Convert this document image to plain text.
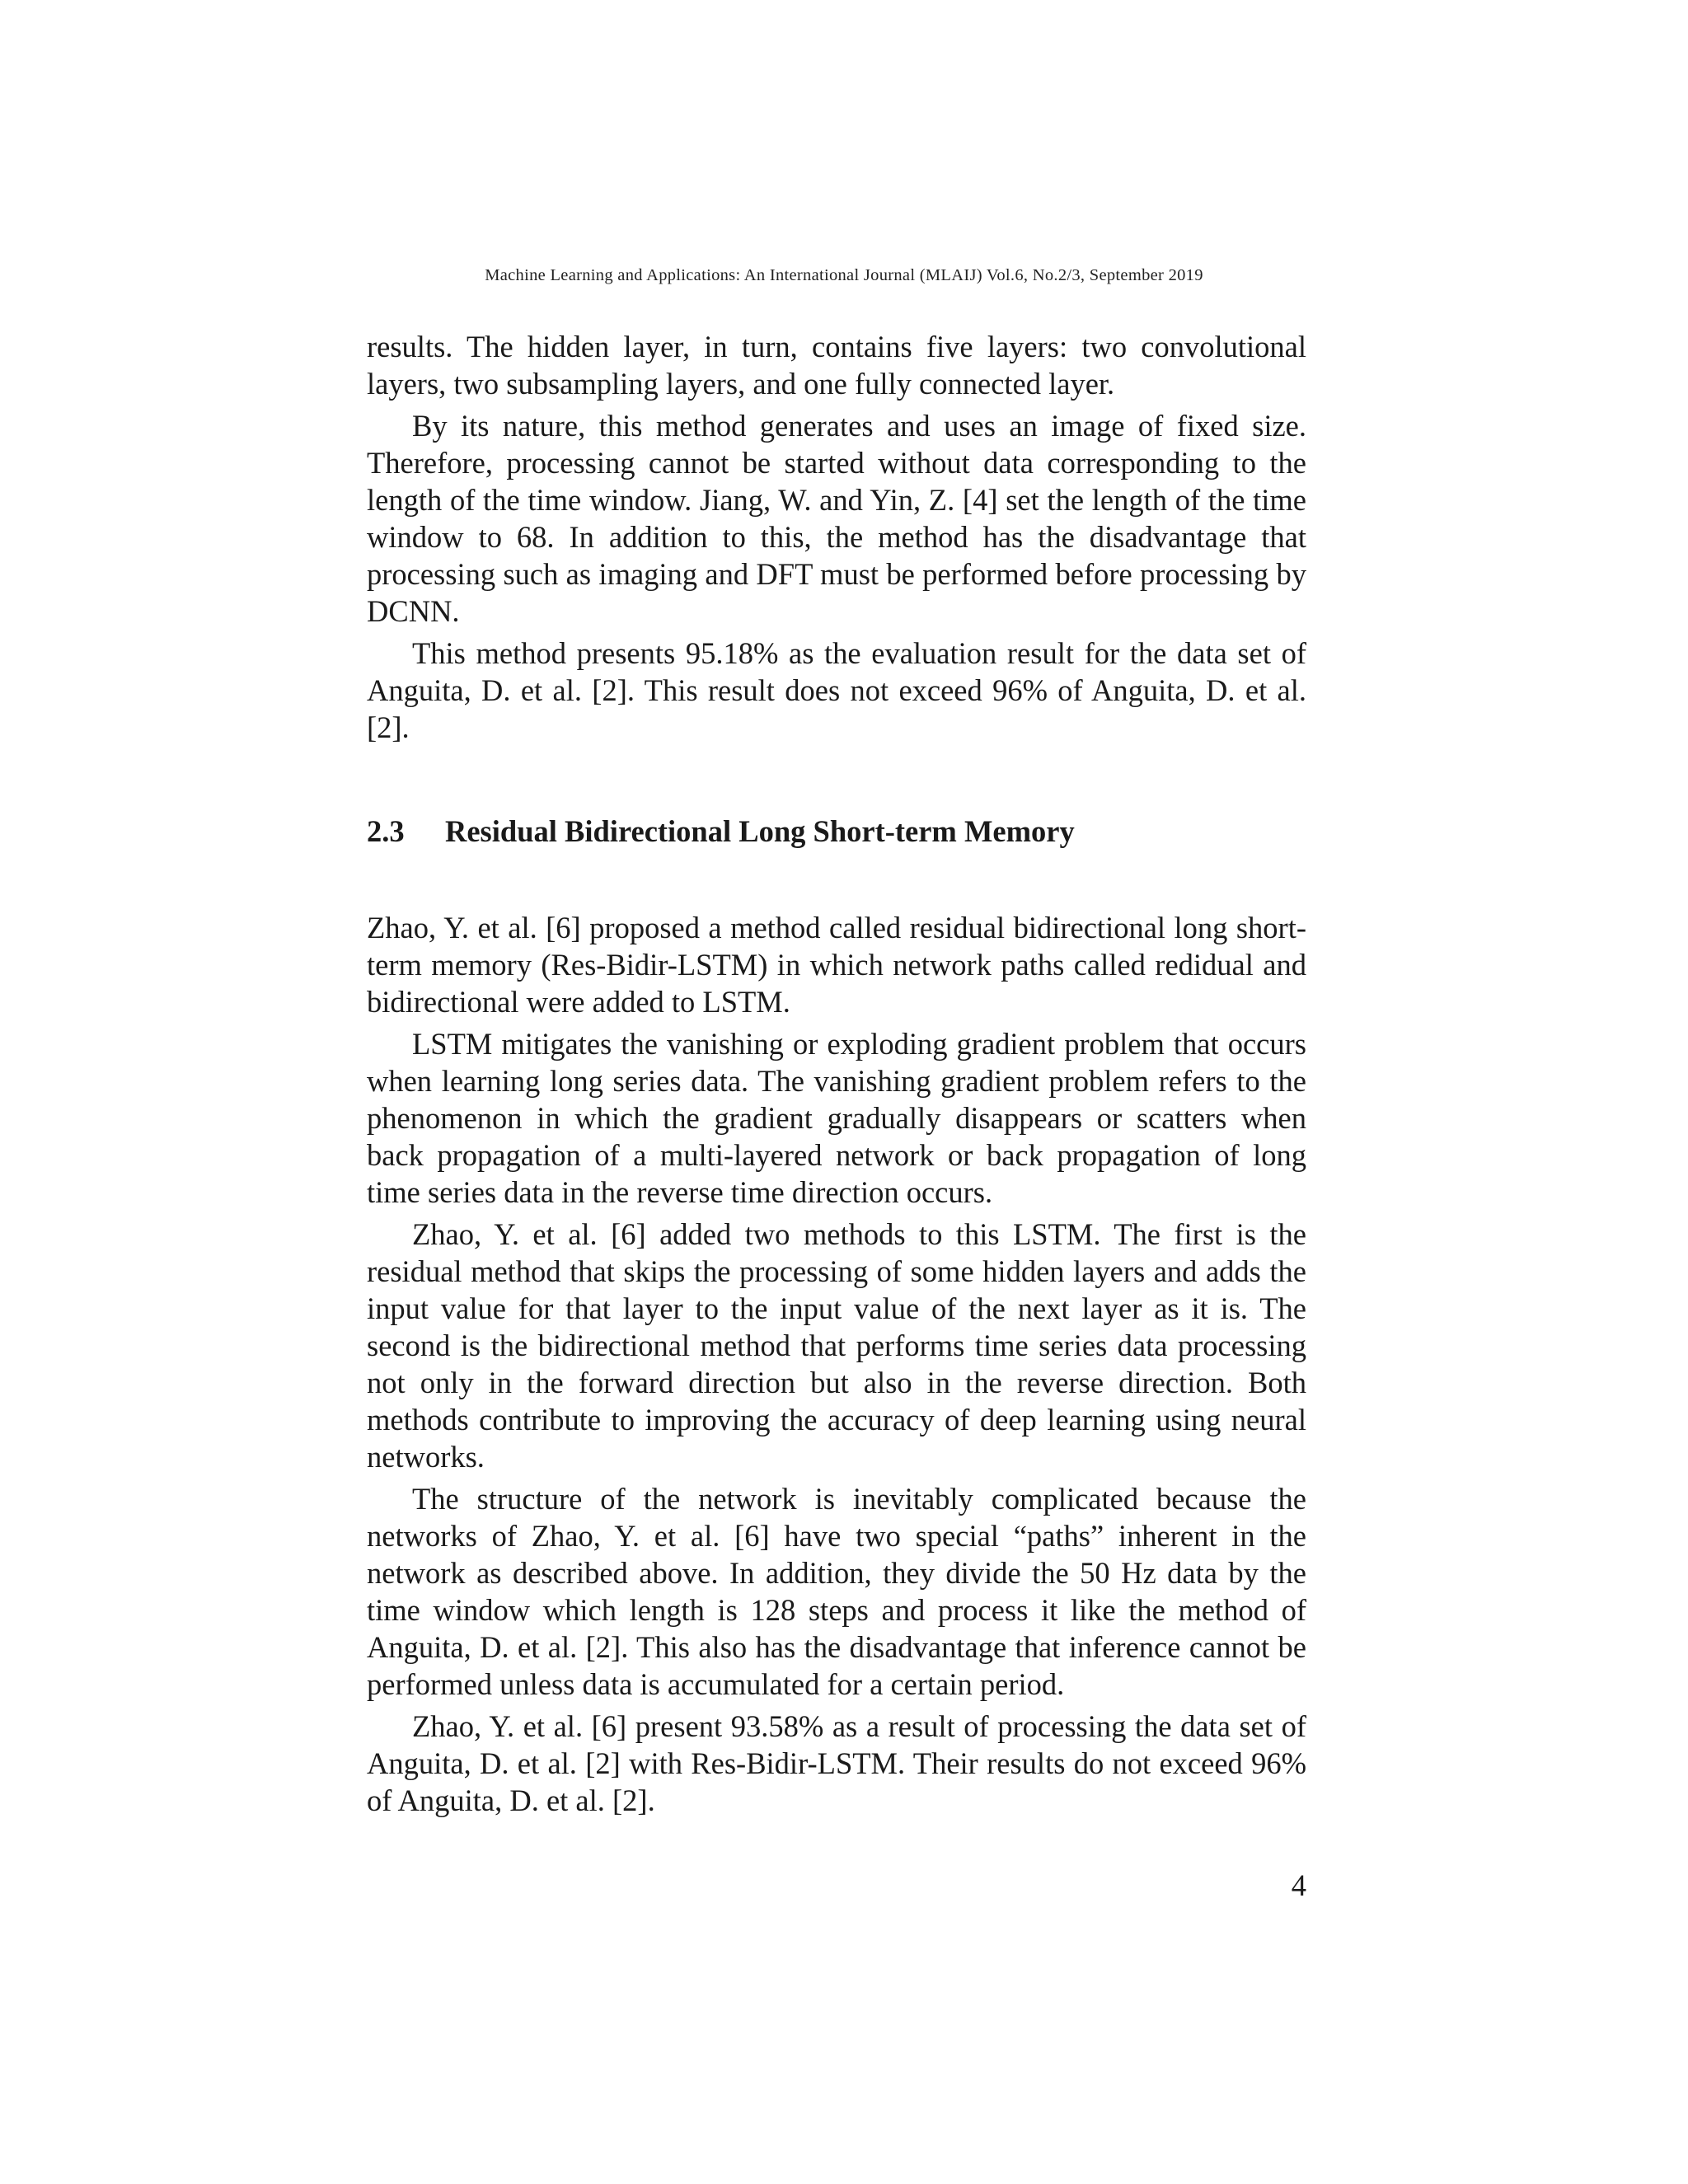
Machine Learning and Applications: An International Journal (MLAIJ) Vol.6, No.2/3, September 2019

results. The hidden layer, in turn, contains five layers: two convolutional layers, two subsampling layers, and one fully connected layer.

By its nature, this method generates and uses an image of fixed size. Therefore, processing cannot be started without data corresponding to the length of the time window. Jiang, W. and Yin, Z. [4] set the length of the time window to 68. In addition to this, the method has the disadvantage that processing such as imaging and DFT must be performed before processing by DCNN.

This method presents 95.18% as the evaluation result for the data set of Anguita, D. et al. [2]. This result does not exceed 96% of Anguita, D. et al. [2].

2.3	Residual Bidirectional Long Short-term Memory

Zhao, Y. et al. [6] proposed a method called residual bidirectional long short-term memory (Res-Bidir-LSTM) in which network paths called redidual and bidirectional were added to LSTM.

LSTM mitigates the vanishing or exploding gradient problem that occurs when learning long series data. The vanishing gradient problem refers to the phenomenon in which the gradient gradually disappears or scatters when back propagation of a multi-layered network or back propagation of long time series data in the reverse time direction occurs.

Zhao, Y. et al. [6] added two methods to this LSTM. The first is the residual method that skips the processing of some hidden layers and adds the input value for that layer to the input value of the next layer as it is. The second is the bidirectional method that performs time series data processing not only in the forward direction but also in the reverse direction. Both methods contribute to improving the accuracy of deep learning using neural networks.

The structure of the network is inevitably complicated because the networks of Zhao, Y. et al. [6] have two special “paths” inherent in the network as described above. In addition, they divide the 50 Hz data by the time window which length is 128 steps and process it like the method of Anguita, D. et al. [2]. This also has the disadvantage that inference cannot be performed unless data is accumulated for a certain period.

Zhao, Y. et al. [6] present 93.58% as a result of processing the data set of Anguita, D. et al. [2] with Res-Bidir-LSTM. Their results do not exceed 96% of Anguita, D. et al. [2].

4
